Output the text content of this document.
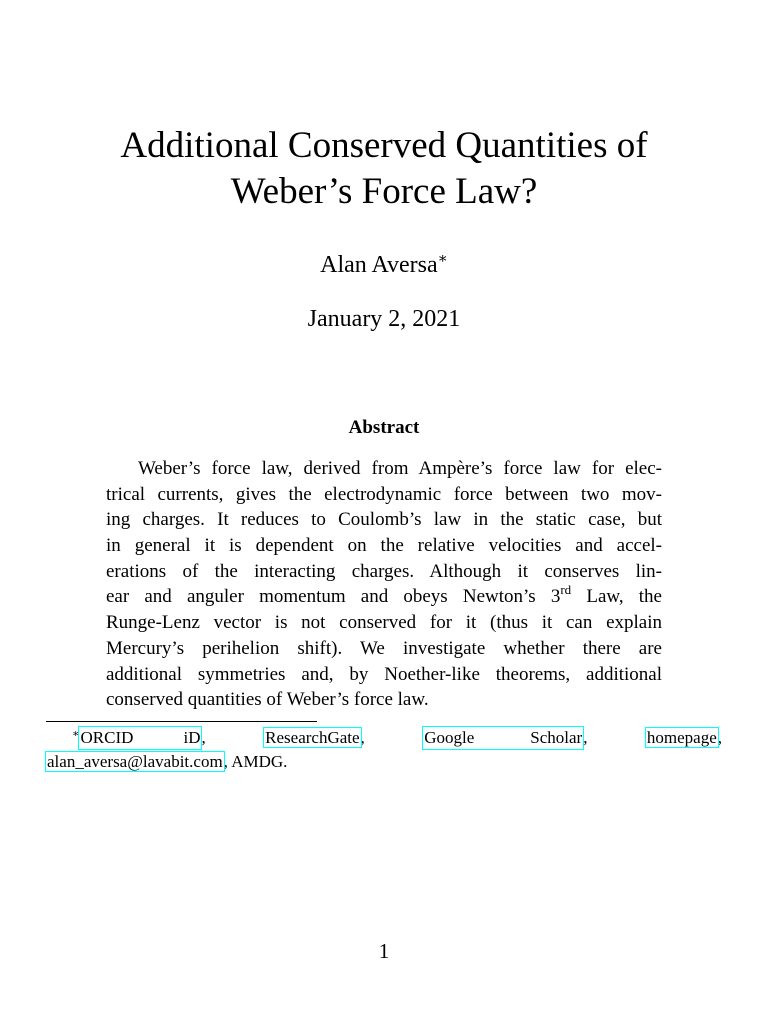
Additional Conserved Quantities of
Weber’s Force Law?
Alan Aversa∗
January 2, 2021
Abstract
Weber’s force law, derived from Ampère’s force law for elec-
trical currents, gives the electrodynamic force between two mov-
ing charges. It reduces to Coulomb’s law in the static case, but
in general it is dependent on the relative velocities and accel-
erations of the interacting charges. Although it conserves lin-
ear and anguler momentum and obeys Newton’s 3rd Law, the
Runge-Lenz vector is not conserved for it (thus it can explain
Mercury’s perihelion shift). We investigate whether there are
additional symmetries and, by Noether-like theorems, additional
conserved quantities of Weber’s force law.
∗ ORCID	iD ,	ResearchGate,	Google	Scholar ,	homepage,
alan_aversa@lavabit.com, AMDG.
1
